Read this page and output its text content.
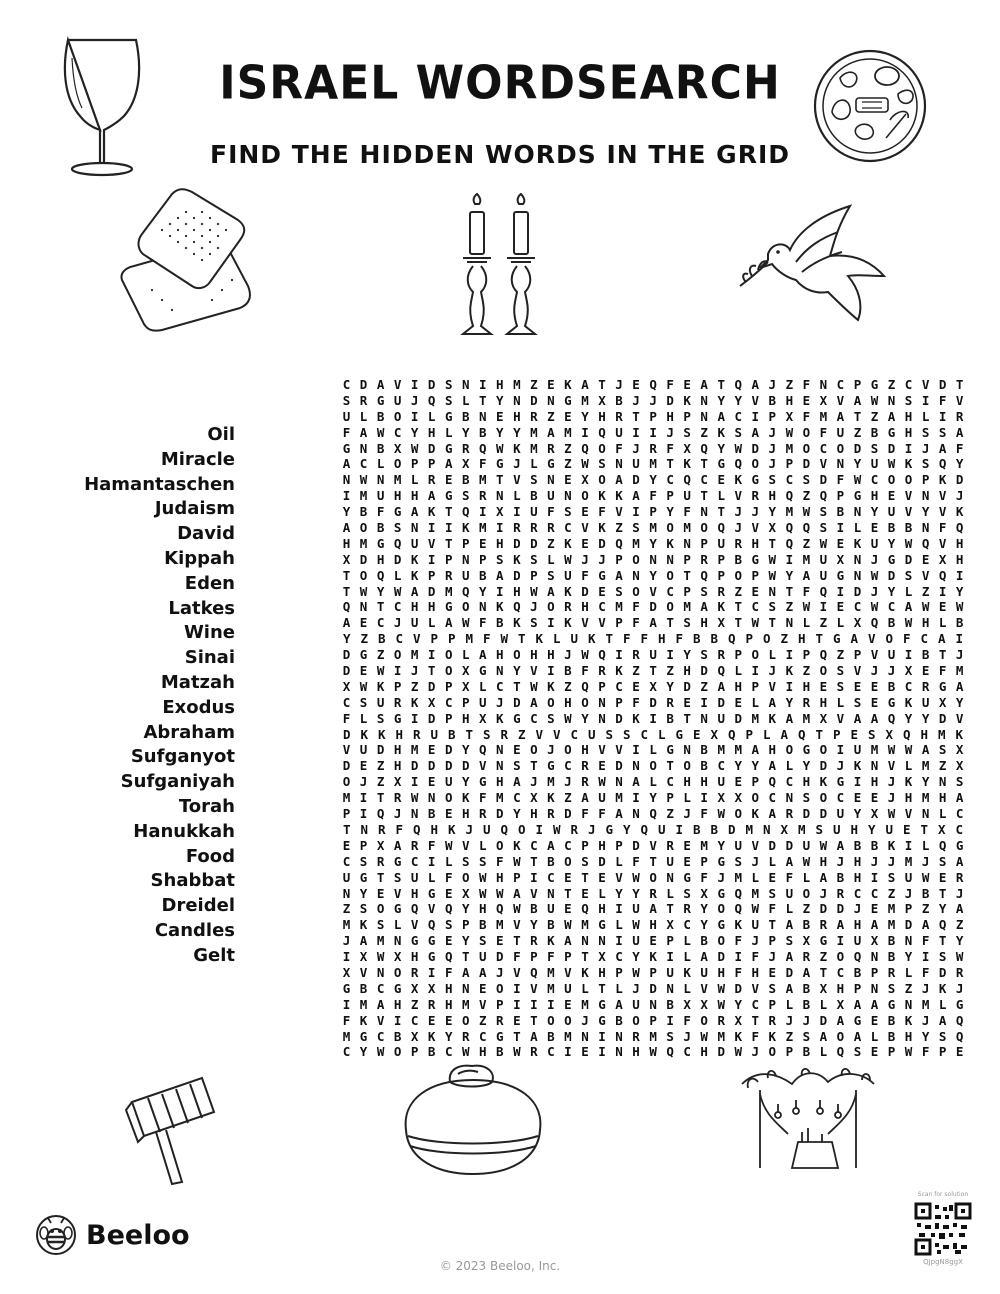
ISRAEL WORDSEARCH
FIND THE HIDDEN WORDS IN THE GRID
Oil
Miracle
Hamantaschen
Judaism
David
Kippah
Eden
Latkes
Wine
Sinai
Matzah
Exodus
Abraham
Sufganyot
Sufganiyah
Torah
Hanukkah
Food
Shabbat
Dreidel
Candles
Gelt
C D A V I D S N I H M Z E K A T J E Q F E A T Q A J Z F N C P G Z C V D T
S R G U J Q S L T Y N D N G M X B J J D K N Y Y V B H E X V A W N S I F V
U L B O I L G B N E H R Z E Y H R T P H P N A C I P X F M A T Z A H L I R
F A W C Y H L Y B Y Y M A M I Q U I I J S Z K S A J W O F U Z B G H S S A
G N B X W D G R Q W K M R Z Q O F J R F X Q Y W D J M O C O D S D I J A F
A C L O P P A X F G J L G Z W S N U M T K T G Q O J P D V N Y U W K S Q Y
N W N M L R E B M T V S N E X O A D Y C Q C E K G S C S D F W C O O P K D
I M U H H A G S R N L B U N O K K A F P U T L V R H Q Z Q P G H E V N V J
Y B F G A K T Q I X I U F S E F V I P Y F N T J J Y M W S B N Y U V Y V K
A O B S N I I K M I R R R C V K Z S M O M O Q J V X Q Q S I L E B B N F Q
H M G Q U V T P E H D D Z K E D Q M Y K N P U R H T Q Z W E K U Y W Q V H
X D H D K I P N P S K S L W J J P O N N P R P B G W I M U X N J G D E X H
T O Q L K P R U B A D P S U F G A N Y O T Q P O P W Y A U G N W D S V Q I
T W Y W A D M Q Y I H W A K D E S O V C P S R Z E N T F Q I D J Y L Z I Y
Q N T C H H G O N K Q J O R H C M F D O M A K T C S Z W I E C W C A W E W
A E C J U L A W F B K S I K V V P F A T S H X T W T N L Z L X Q B W H L B
Y Z B C V P P M F W T K L U K T F F H F B B Q P O Z H T G A V O F C A I
D G Z O M I O L A H O H H J W Q I R U I Y S R P O L I P Q Z P V U I B T J
D E W I J T O X G N Y V I B F R K Z T Z H D Q L I J K Z O S V J J X E F M
X W K P Z D P X L C T W K Z Q P C E X Y D Z A H P V I H E S E E B C R G A
C S U R K X C P U J D A O H O N P F D R E I D E L A Y R H L S E G K U X Y
F L S G I D P H X K G C S W Y N D K I B T N U D M K A M X V A A Q Y Y D V
D K K H R U B T S R Z V V C U S S C L G E X Q P L A Q T P E S X Q H M K
V U D H M E D Y Q N E O J O H V V I L G N B M M A H O G O I U M W W A S X
D E Z H D D D D V N S T G C R E D N O T O B C Y Y A L Y D J K N V L M Z X
O J Z X I E U Y G H A J M J R W N A L C H H U E P Q C H K G I H J K Y N S
M I T R W N O K F M C X K Z A U M I Y P L I X X O C N S O C E E J H M H A
P I Q J N B E H R D Y H R D F F A N Q Z J F W O K A R D D U Y X W V N L C
T N R F Q H K J U Q O I W R J G Y Q U I B B D M N X M S U H Y U E T X C
E P X A R F W V L O K C A C P H P D V R E M Y U V D D U W A B B K I L Q G
C S R G C I L S S F W T B O S D L F T U E P G S J L A W H J H J J M J S A
U G T S U L F O W H P I C E T E V W O N G F J M L E F L A B H I S U W E R
N Y E V H G E X W W A V N T E L Y Y R L S X G Q M S U O J R C C Z J B T J
Z S O G Q V Q Y H Q W B U E Q H I U A T R Y O Q W F L Z D D J E M P Z Y A
M K S L V Q S P B M V Y B W M G L W H X C Y G K U T A B R A H A M D A Q Z
J A M N G G E Y S E T R K A N N I U E P L B O F J P S X G I U X B N F T Y
I X W X H G Q T U D F P F P T X C Y K I L A D I F J A R Z O Q N B Y I S W
X V N O R I F A A J V Q M V K H P W P U K U H F H E D A T C B P R L F D R
G B C G X X H N E O I V M U L T L J D N L V W D V S A B X H P N S Z J K J
I M A H Z R H M V P I I I E M G A U N B X X W Y C P L B L X A A G N M L G
F K V I C E E O Z R E T O O J G B O P I F O R X T R J J D A G E B K J A Q
M G C B X K Y R C G T A B M N I N R M S J W M K F K Z S A O A L B H Y S Q
C Y W O P B C W H B W R C I E I N H W Q C H D W J O P B L Q S E P W F P E
Beeloo
© 2023 Beeloo, Inc.
Scan for solution
QJpgN8ggX
